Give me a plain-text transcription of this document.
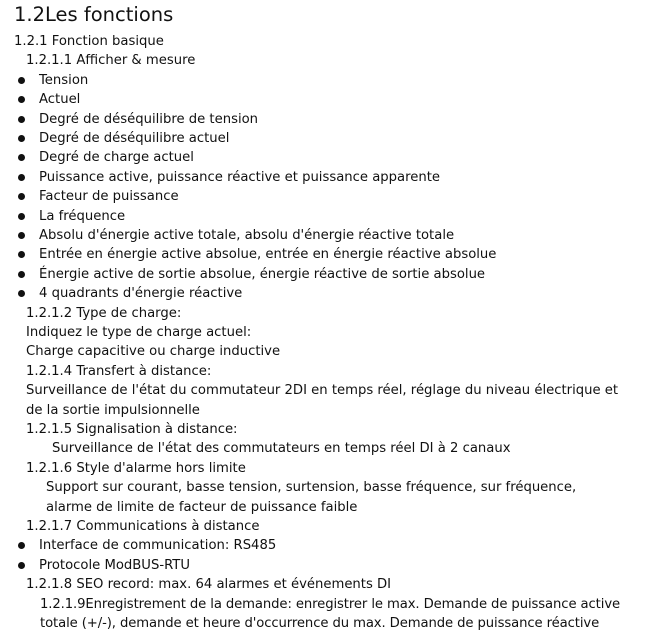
1.2Les fonctions
1.2.1 Fonction basique
1.2.1.1 Afficher & mesure
Tension
Actuel
Degré de déséquilibre de tension
Degré de déséquilibre actuel
Degré de charge actuel
Puissance active, puissance réactive et puissance apparente
Facteur de puissance
La fréquence
Absolu d'énergie active totale, absolu d'énergie réactive totale
Entrée en énergie active absolue, entrée en énergie réactive absolue
Énergie active de sortie absolue, énergie réactive de sortie absolue
4 quadrants d'énergie réactive
1.2.1.2 Type de charge:
Indiquez le type de charge actuel:
Charge capacitive ou charge inductive
1.2.1.4 Transfert à distance:
Surveillance de l'état du commutateur 2DI en temps réel, réglage du niveau électrique et
de la sortie impulsionnelle
1.2.1.5 Signalisation à distance:
Surveillance de l'état des commutateurs en temps réel DI à 2 canaux
1.2.1.6 Style d'alarme hors limite
Support sur courant, basse tension, surtension, basse fréquence, sur fréquence,
alarme de limite de facteur de puissance faible
1.2.1.7 Communications à distance
Interface de communication: RS485
Protocole ModBUS-RTU
1.2.1.8 SEO record: max. 64 alarmes et événements DI
1.2.1.9Enregistrement de la demande: enregistrer le max. Demande de puissance active
totale (+/-), demande et heure d'occurrence du max. Demande de puissance réactive
